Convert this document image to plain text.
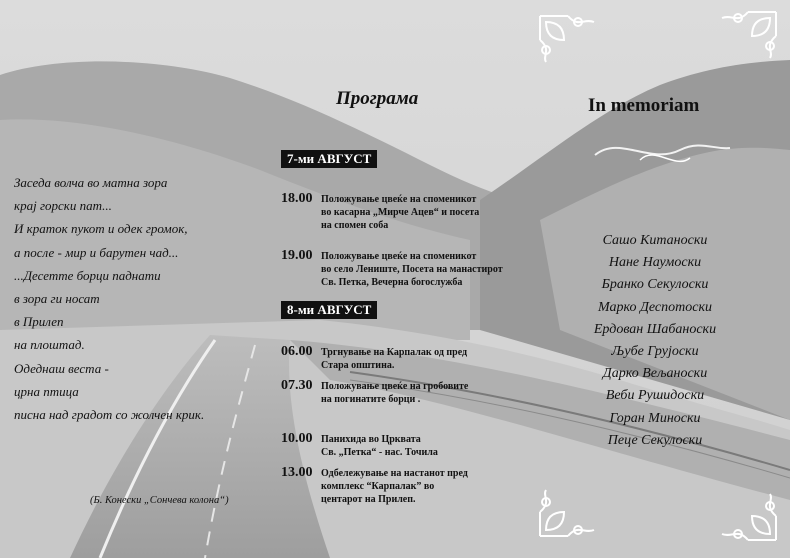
Заседа волча во матна зора
крај горски пат...
И краток пукот и одек громок,
а после - мир и барутен чад...
...Десетте борци паднати
в зора ги носат
в Прилеп
на плоштад.
Одеднаш веста -
црна птица
писна над градот со жолчен крик.
(Б. Конески „Сончева колона“)
Програма
7-ми АВГУСТ
18.00 Положување цвеќе на споменикот
во касарна „Мирче Ацев“ и посета
на спомен соба
19.00 Положување цвеќе на споменикот
во село Лениште, Посета на манастирот
Св. Петка, Вечерна богослужба
8-ми АВГУСТ
06.00 Тргнување на Карпалак од пред
Стара општина.
07.30 Положување цвеќе на гробовите
на погинатите борци .
10.00 Панихида во Црквата
Св. „Петка“ - нас. Точила
13.00 Одбележување на настанот пред
комплекс “Карпалак” во
центарот на Прилеп.
In memoriam
Сашо Китаноски
Нане Наумоски
Бранко Секулоски
Марко Деспотоски
Ердован Шабаноски
Љубе Грујоски
Дарко Вељаноски
Веби Рушидоски
Горан Миноски
Пеце Секулоски
